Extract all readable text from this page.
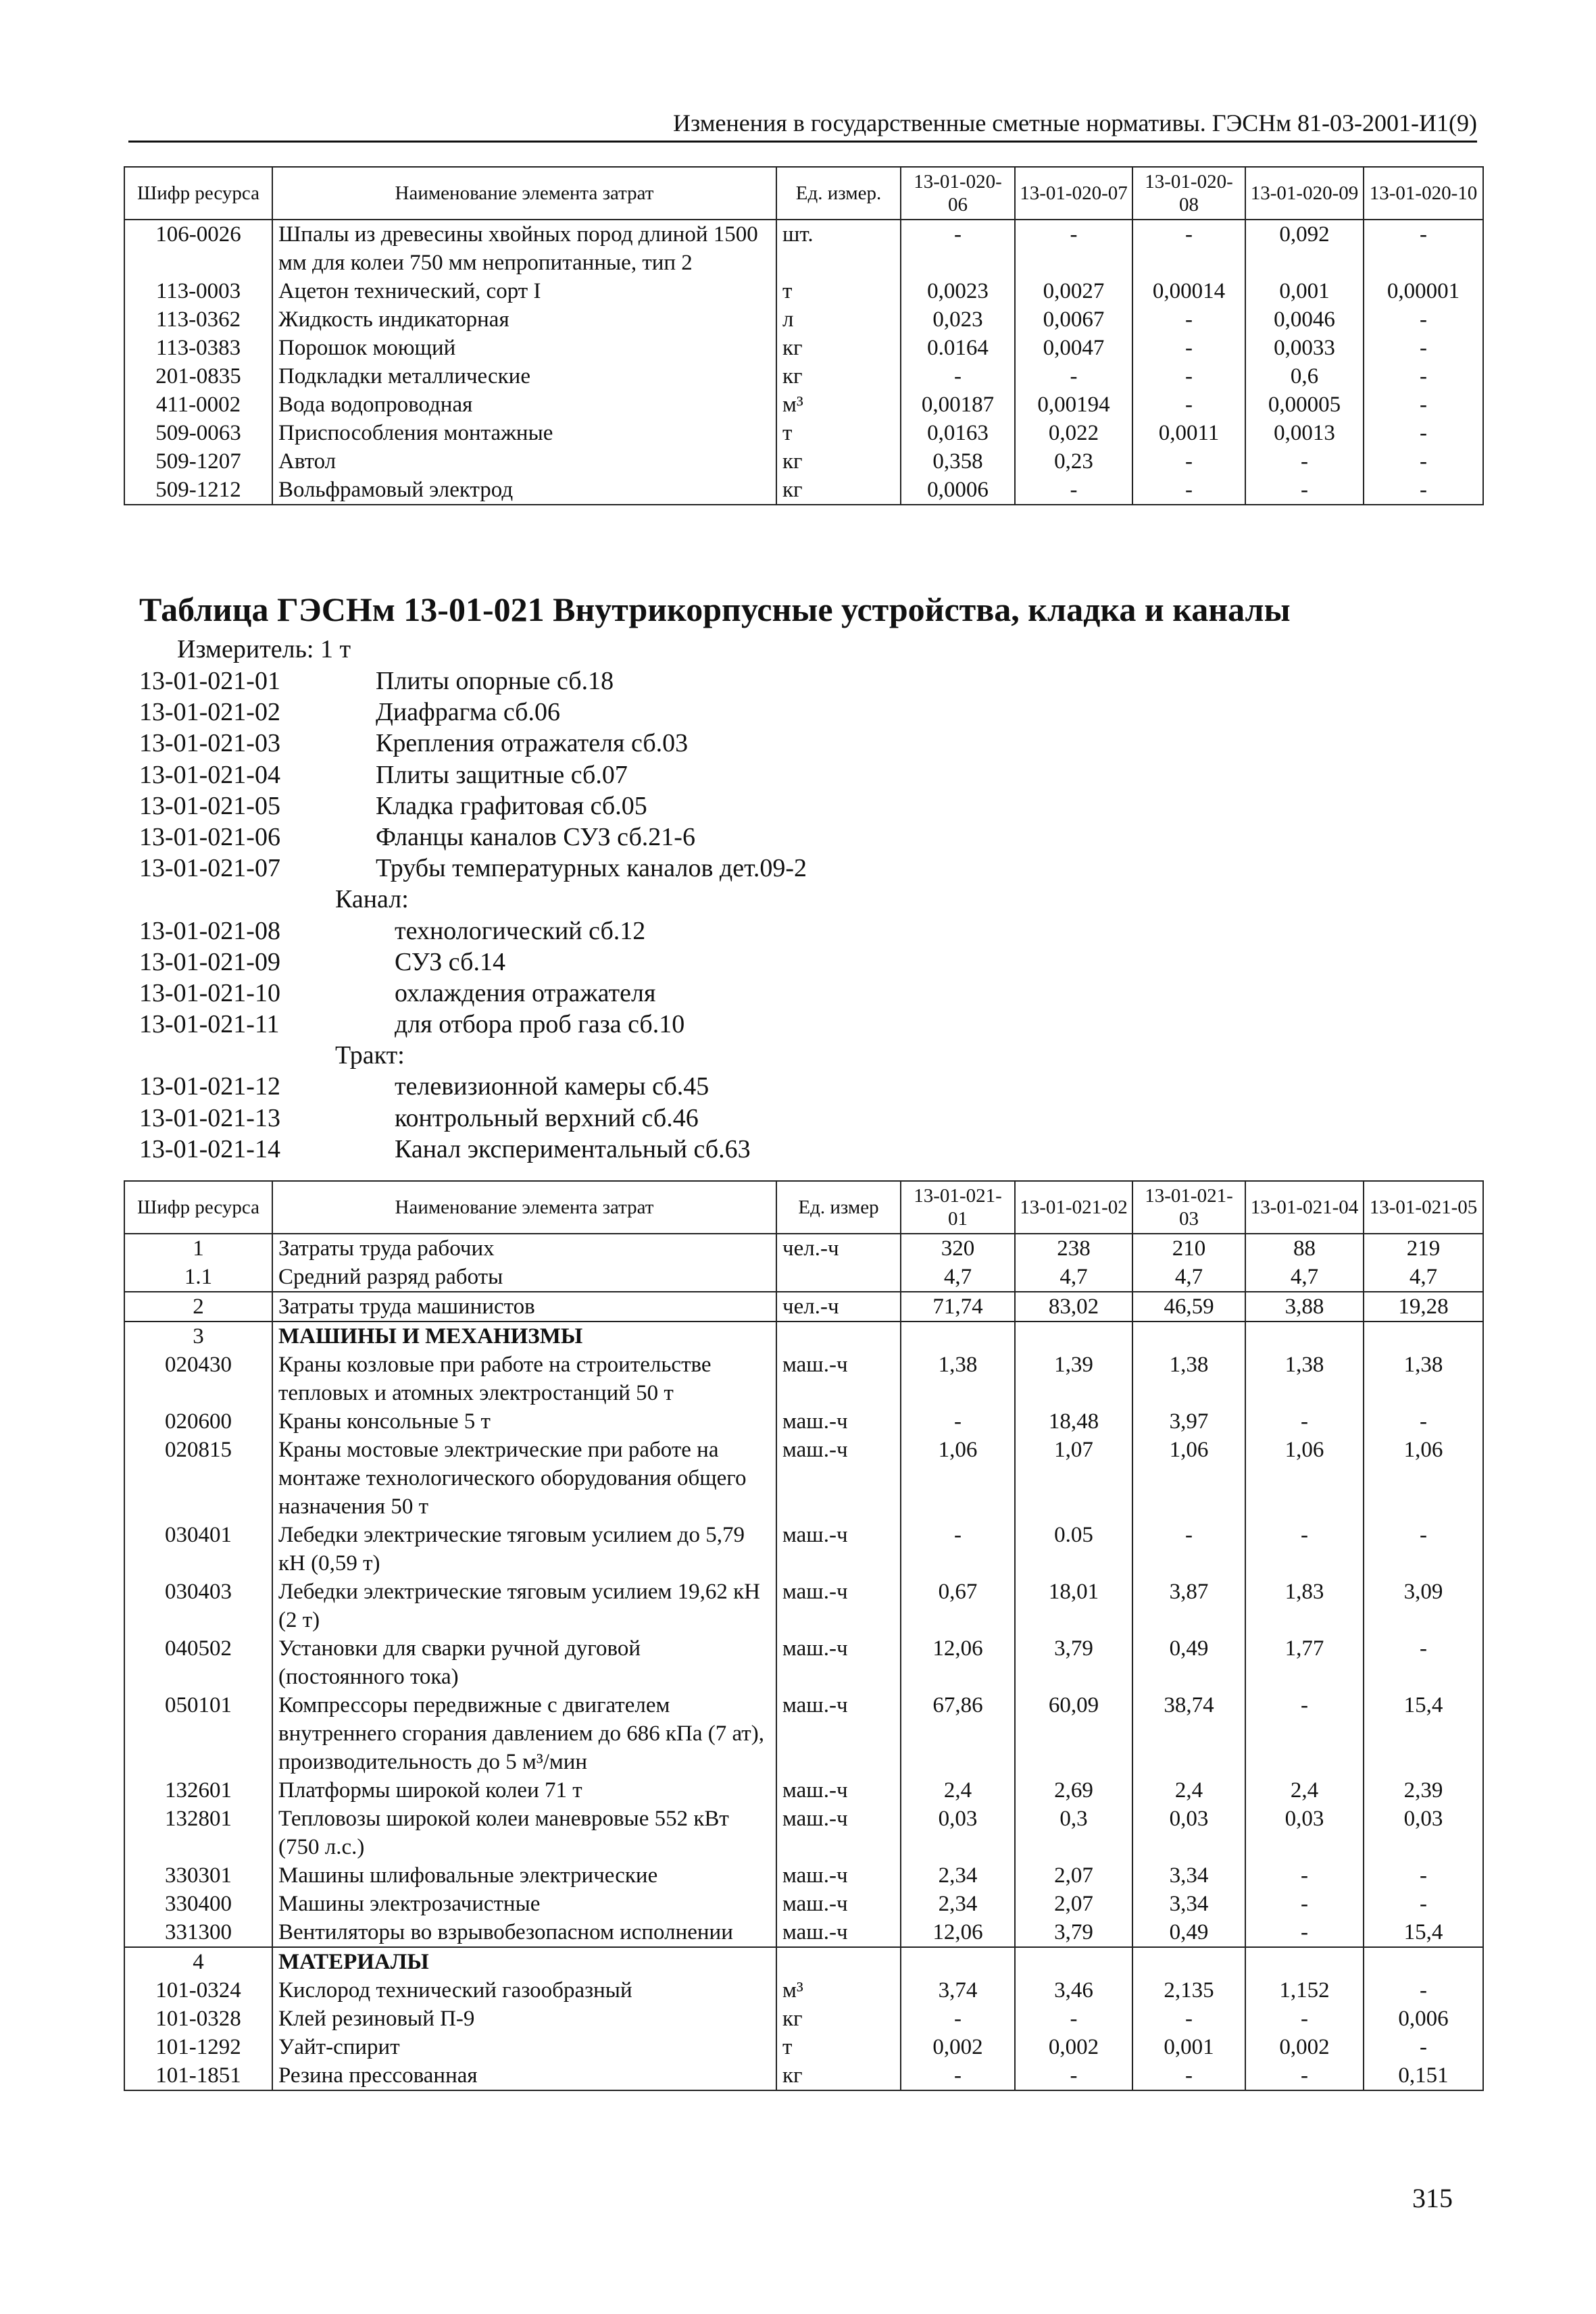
Изменения в государственные сметные нормативы. ГЭСНм 81-03-2001-И1(9)
Шифр ресурса	Наименование элемента затрат	Ед. измер.	13-01-020-06	13-01-020-07	13-01-020-08	13-01-020-09	13-01-020-10
106-0026	Шпалы из древесины хвойных пород длиной 1500 мм для колеи 750 мм непропитанные, тип 2	шт.	-	-	-	0,092	-
113-0003	Ацетон технический, сорт I	т	0,0023	0,0027	0,00014	0,001	0,00001
113-0362	Жидкость индикаторная	л	0,023	0,0067	-	0,0046	-
113-0383	Порошок моющий	кг	0.0164	0,0047	-	0,0033	-
201-0835	Подкладки металлические	кг	-	-	-	0,6	-
411-0002	Вода водопроводная	м³	0,00187	0,00194	-	0,00005	-
509-0063	Приспособления монтажные	т	0,0163	0,022	0,0011	0,0013	-
509-1207	Автол	кг	0,358	0,23	-	-	-
509-1212	Вольфрамовый электрод	кг	0,0006	-	-	-	-
Таблица ГЭСНм 13-01-021 Внутрикорпусные устройства, кладка и каналы
Измеритель: 1 т
13-01-021-01	Плиты опорные сб.18
13-01-021-02	Диафрагма сб.06
13-01-021-03	Крепления отражателя сб.03
13-01-021-04	Плиты защитные сб.07
13-01-021-05	Кладка графитовая сб.05
13-01-021-06	Фланцы каналов СУЗ сб.21-6
13-01-021-07	Трубы температурных каналов дет.09-2
Канал:
13-01-021-08	технологический сб.12
13-01-021-09	СУЗ сб.14
13-01-021-10	охлаждения отражателя
13-01-021-11	для отбора проб газа сб.10
Тракт:
13-01-021-12	телевизионной камеры сб.45
13-01-021-13	контрольный верхний сб.46
13-01-021-14	Канал экспериментальный сб.63
Шифр ресурса	Наименование элемента затрат	Ед. измер	13-01-021-01	13-01-021-02	13-01-021-03	13-01-021-04	13-01-021-05
1	Затраты труда рабочих	чел.-ч	320	238	210	88	219
1.1	Средний разряд работы		4,7	4,7	4,7	4,7	4,7
2	Затраты труда машинистов	чел.-ч	71,74	83,02	46,59	3,88	19,28
3	МАШИНЫ И МЕХАНИЗМЫ						
020430	Краны козловые при работе на строительстве тепловых и атомных электростанций 50 т	маш.-ч	1,38	1,39	1,38	1,38	1,38
020600	Краны консольные 5 т	маш.-ч	-	18,48	3,97	-	-
020815	Краны мостовые электрические при работе на монтаже технологического оборудования общего назначения 50 т	маш.-ч	1,06	1,07	1,06	1,06	1,06
030401	Лебедки электрические тяговым усилием до 5,79 кН (0,59 т)	маш.-ч	-	0.05	-	-	-
030403	Лебедки электрические тяговым усилием 19,62 кН (2 т)	маш.-ч	0,67	18,01	3,87	1,83	3,09
040502	Установки для сварки ручной дуговой (постоянного тока)	маш.-ч	12,06	3,79	0,49	1,77	-
050101	Компрессоры передвижные с двигателем внутреннего сгорания давлением до 686 кПа (7 ат), производительность до 5 м³/мин	маш.-ч	67,86	60,09	38,74	-	15,4
132601	Платформы широкой колеи 71 т	маш.-ч	2,4	2,69	2,4	2,4	2,39
132801	Тепловозы широкой колеи маневровые 552 кВт (750 л.с.)	маш.-ч	0,03	0,3	0,03	0,03	0,03
330301	Машины шлифовальные электрические	маш.-ч	2,34	2,07	3,34	-	-
330400	Машины электрозачистные	маш.-ч	2,34	2,07	3,34	-	-
331300	Вентиляторы во взрывобезопасном исполнении	маш.-ч	12,06	3,79	0,49	-	15,4
4	МАТЕРИАЛЫ						
101-0324	Кислород технический газообразный	м³	3,74	3,46	2,135	1,152	-
101-0328	Клей резиновый П-9	кг	-	-	-	-	0,006
101-1292	Уайт-спирит	т	0,002	0,002	0,001	0,002	-
101-1851	Резина прессованная	кг	-	-	-	-	0,151
315
